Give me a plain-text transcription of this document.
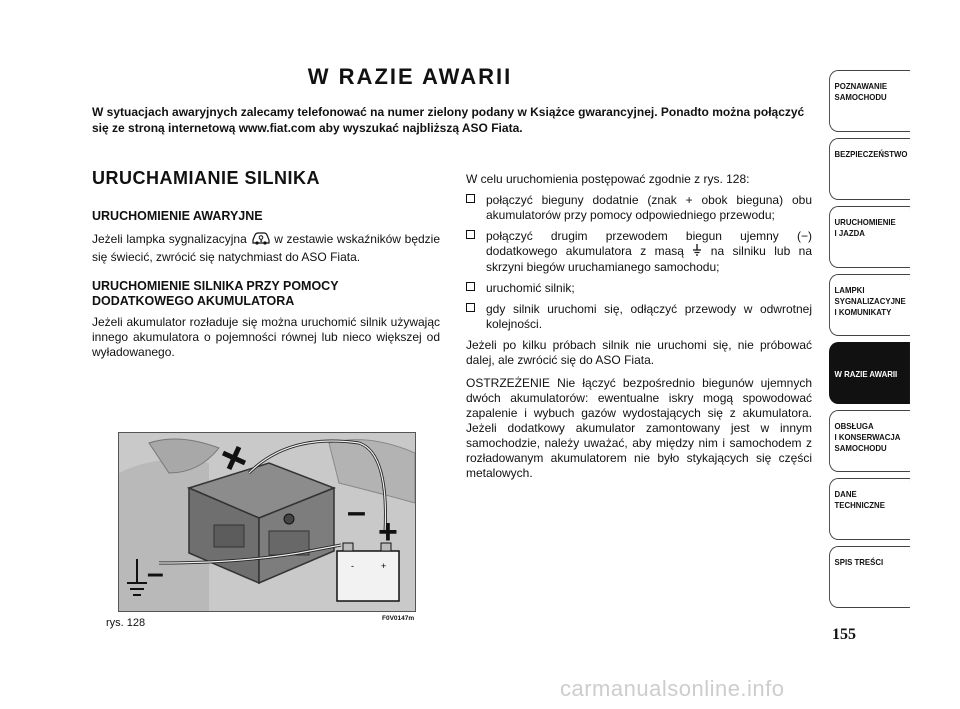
W RAZIE AWARII

W sytuacjach awaryjnych zalecamy telefonować na numer zielony podany w Książce gwarancyjnej. Ponadto można połączyć się ze stroną internetową www.fiat.com aby wyszukać najbliższą ASO Fiata.

URUCHAMIANIE SILNIKA
URUCHOMIENIE AWARYJNE

Jeżeli lampka sygnalizacyjna w zestawie wskaźników będzie się świecić, zwrócić się natychmiast do ASO Fiata.

URUCHOMIENIE SILNIKA PRZY POMOCY DODATKOWEGO AKUMULATORA

Jeżeli akumulator rozładuje się można uruchomić silnik używając innego akumulatora o pojemności równej lub nieco większej od wyładowanego.

-	+
–
+
–
rys. 128	F0V0147m

W celu uruchomienia postępować zgodnie z rys. 128:

połączyć bieguny dodatnie (znak + obok bieguna) obu akumulatorów przy pomocy odpowiedniego przewodu;
połączyć drugim przewodem biegun ujemny (−) dodatkowego akumulatora z masą na silniku lub na skrzyni biegów uruchamianego samochodu;
uruchomić silnik;
gdy silnik uruchomi się, odłączyć przewody w odwrotnej kolejności.

Jeżeli po kilku próbach silnik nie uruchomi się, nie próbować dalej, ale zwrócić się do ASO Fiata.

OSTRZEŻENIE Nie łączyć bezpośrednio biegunów ujemnych dwóch akumulatorów: ewentualne iskry mogą spowodować zapalenie i wybuch gazów wydostających się z akumulatora. Jeżeli dodatkowy akumulator zamontowany jest w innym samochodzie, należy uważać, aby między nim i samochodem z rozładowanym akumulatorem nie było stykających się części metalowych.

POZNAWANIE
SAMOCHODU
BEZPIECZEŃSTWO
URUCHOMIENIE
I JAZDA
LAMPKI
SYGNALIZACYJNE
I KOMUNIKATY
W RAZIE AWARII
OBSŁUGA
I KONSERWACJA
SAMOCHODU
DANE
TECHNICZNE
SPIS TREŚCI
155
carmanualsonline.info
